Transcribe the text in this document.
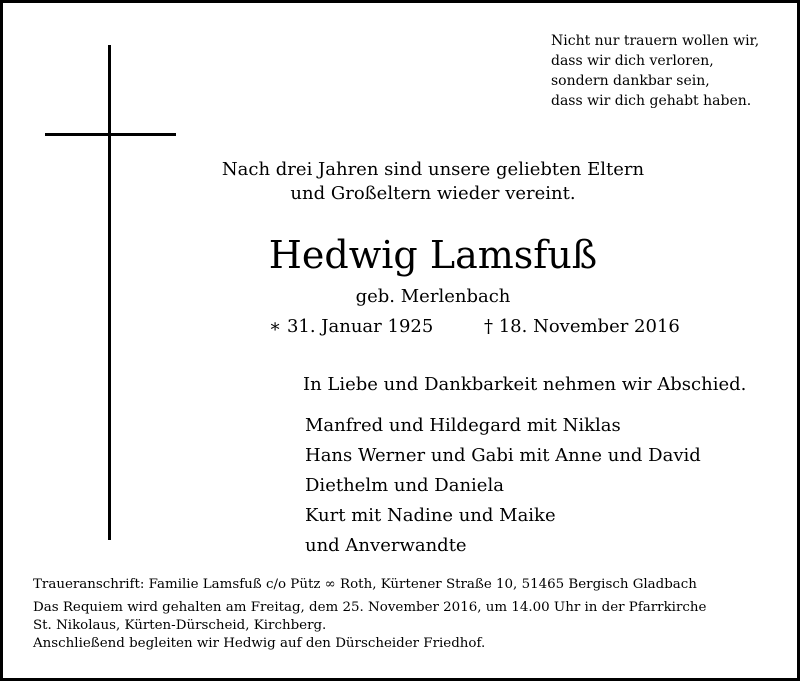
Nicht nur trauern wollen wir,
dass wir dich verloren,
sondern dankbar sein,
dass wir dich gehabt haben.
Nach drei Jahren sind unsere geliebten Eltern
und Großeltern wieder vereint.
Hedwig Lamsfuß
geb. Merlenbach
∗ 31. Januar 1925	† 18. November 2016
In Liebe und Dankbarkeit nehmen wir Abschied.
Manfred und Hildegard mit Niklas
Hans Werner und Gabi mit Anne und David
Diethelm und Daniela
Kurt mit Nadine und Maike
und Anverwandte
Traueranschrift: Familie Lamsfuß c/o Pütz ∞ Roth, Kürtener Straße 10, 51465 Bergisch Gladbach
Das Requiem wird gehalten am Freitag, dem 25. November 2016, um 14.00 Uhr in der Pfarrkirche
St. Nikolaus, Kürten-Dürscheid, Kirchberg.
Anschließend begleiten wir Hedwig auf den Dürscheider Friedhof.
